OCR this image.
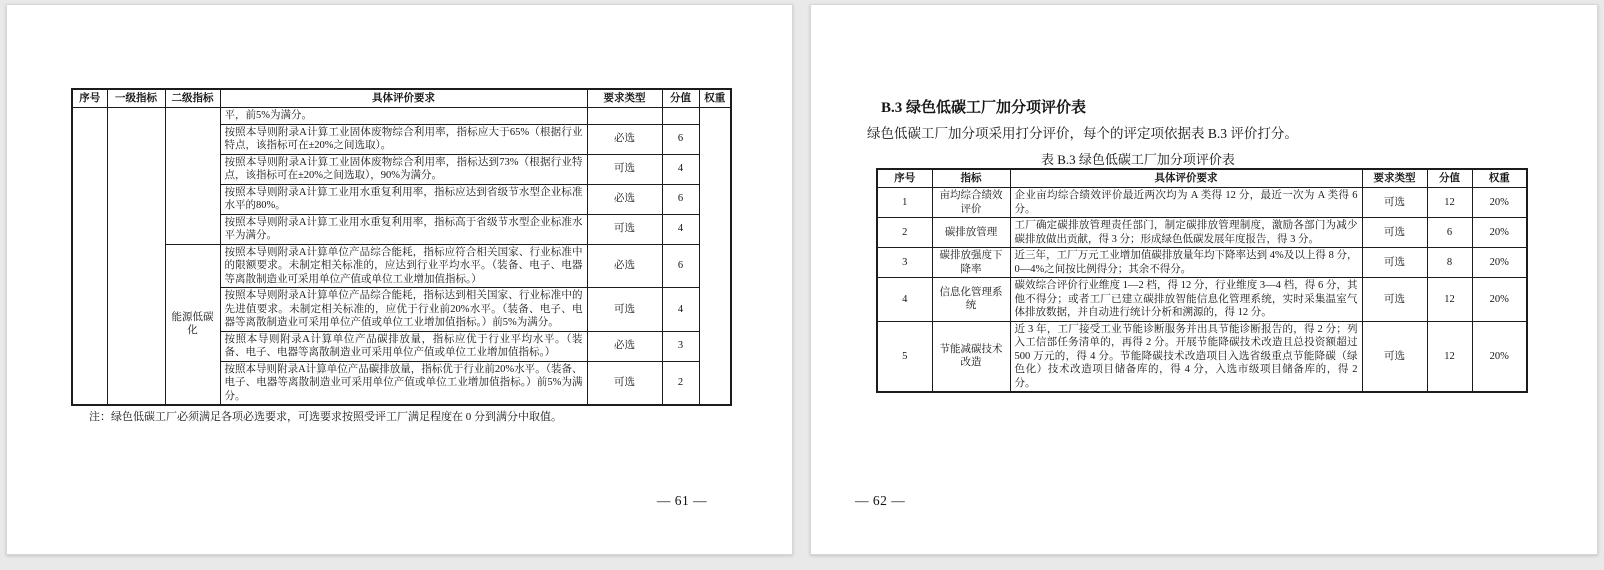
序号	一级指标	二级指标	具体评价要求	要求类型	分值	权重
			平，前5%为满分。			
			按照本导则附录A计算工业固体废物综合利用率，指标应大于65%（根据行业特点，该指标可在±20%之间选取）。	必选	6	
			按照本导则附录A计算工业固体废物综合利用率，指标达到73%（根据行业特点，该指标可在±20%之间选取），90%为满分。	可选	4	
			按照本导则附录A计算工业用水重复利用率，指标应达到省级节水型企业标准水平的80%。	必选	6	
			按照本导则附录A计算工业用水重复利用率，指标高于省级节水型企业标准水平为满分。	可选	4	
		能源低碳化	按照本导则附录A计算单位产品综合能耗，指标应符合相关国家、行业标准中的限额要求。未制定相关标准的，应达到行业平均水平。（装备、电子、电器等离散制造业可采用单位产值或单位工业增加值指标。）	必选	6	
			按照本导则附录A计算单位产品综合能耗，指标达到相关国家、行业标准中的先进值要求。未制定相关标准的，应优于行业前20%水平。（装备、电子、电器等离散制造业可采用单位产值或单位工业增加值指标。）前5%为满分。	可选	4	
			按照本导则附录A计算单位产品碳排放量，指标应优于行业平均水平。（装备、电子、电器等离散制造业可采用单位产值或单位工业增加值指标。）	必选	3	
			按照本导则附录A计算单位产品碳排放量，指标优于行业前20%水平。（装备、电子、电器等离散制造业可采用单位产值或单位工业增加值指标。）前5%为满分。	可选	2	
注：绿色低碳工厂必须满足各项必选要求，可选要求按照受评工厂满足程度在 0 分到满分中取值。
— 61 —
B.3 绿色低碳工厂加分项评价表
绿色低碳工厂加分项采用打分评价，每个的评定项依据表 B.3 评价打分。
表 B.3 绿色低碳工厂加分项评价表
序号	指标	具体评价要求	要求类型	分值	权重
1	亩均综合绩效评价	企业亩均综合绩效评价最近两次均为 A 类得 12 分，最近一次为 A 类得 6 分。	可选	12	20%
2	碳排放管理	工厂确定碳排放管理责任部门，制定碳排放管理制度，激励各部门为减少碳排放做出贡献，得 3 分；形成绿色低碳发展年度报告，得 3 分。	可选	6	20%
3	碳排放强度下降率	近三年，工厂万元工业增加值碳排放量年均下降率达到 4%及以上得 8 分，0—4%之间按比例得分；其余不得分。	可选	8	20%
4	信息化管理系统	碳效综合评价行业维度 1—2 档，得 12 分，行业维度 3—4 档，得 6 分，其他不得分；或者工厂已建立碳排放智能信息化管理系统，实时采集温室气体排放数据，并自动进行统计分析和溯源的，得 12 分。	可选	12	20%
5	节能减碳技术改造	近 3 年，工厂接受工业节能诊断服务并出具节能诊断报告的，得 2 分；列入工信部任务清单的，再得 2 分。开展节能降碳技术改造且总投资额超过 500 万元的，得 4 分。节能降碳技术改造项目入选省级重点节能降碳（绿色化）技术改造项目储备库的，得 4 分，入选市级项目储备库的，得 2 分。	可选	12	20%
— 62 —
